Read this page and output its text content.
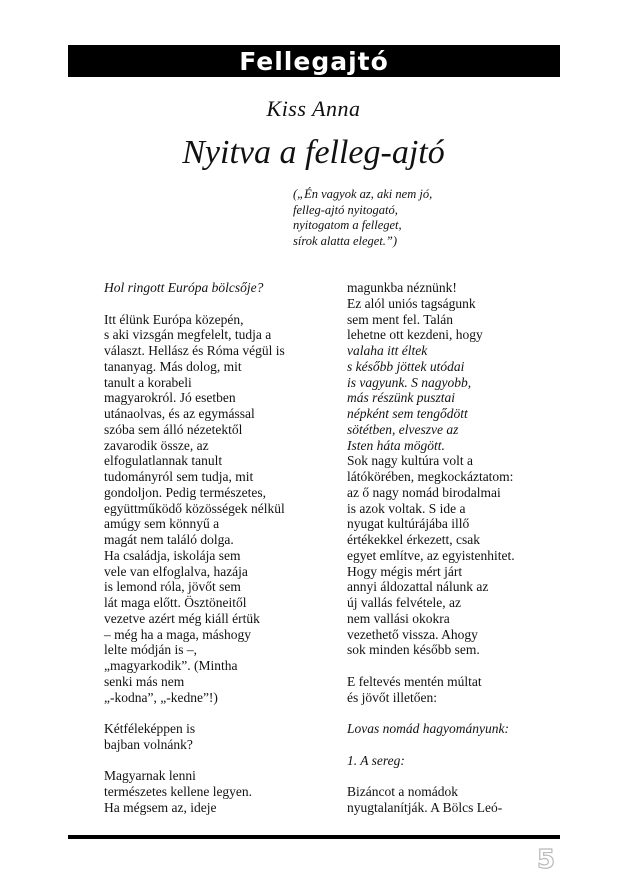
Fellegajtó
Kiss Anna
Nyitva a felleg-ajtó
(„Én vagyok az, aki nem jó,
felleg-ajtó nyitogató,
nyitogatom a felleget,
sírok alatta eleget.”)
Hol ringott Európa bölcsője?
Itt élünk Európa közepén,
s aki vizsgán megfelelt, tudja a
választ. Hellász és Róma végül is
tananyag. Más dolog, mit
tanult a korabeli
magyarokról. Jó esetben
utánaolvas, és az egymással
szóba sem álló nézetektől
zavarodik össze, az
elfogulatlannak tanult
tudományról sem tudja, mit
gondoljon. Pedig természetes,
együttműködő közösségek nélkül
amúgy sem könnyű a
magát nem találó dolga.
Ha családja, iskolája sem
vele van elfoglalva, hazája
is lemond róla, jövőt sem
lát maga előtt. Ösztöneitől
vezetve azért még kiáll értük
– még ha a maga, máshogy
lelte módján is –,
„magyarkodik”. (Mintha
senki más nem
„-kodna”, „-kedne”!)
Kétféleképpen is
bajban volnánk?
Magyarnak lenni
természetes kellene legyen.
Ha mégsem az, ideje
magunkba néznünk!
Ez alól uniós tagságunk
sem ment fel. Talán
lehetne ott kezdeni, hogy
valaha itt éltek
s később jöttek utódai
is vagyunk. S nagyobb,
más részünk pusztai
népként sem tengődött
sötétben, elveszve az
Isten háta mögött.
Sok nagy kultúra volt a
látókörében, megkockáztatom:
az ő nagy nomád birodalmai
is azok voltak. S ide a
nyugat kultúrájába illő
értékekkel érkezett, csak
egyet említve, az egyistenhitet.
Hogy mégis mért járt
annyi áldozattal nálunk az
új vallás felvétele, az
nem vallási okokra
vezethető vissza. Ahogy
sok minden később sem.
E feltevés mentén múltat
és jövőt illetően:
Lovas nomád hagyományunk:
1. A sereg:
Bizáncot a nomádok
nyugtalanítják. A Bölcs Leó-
5
